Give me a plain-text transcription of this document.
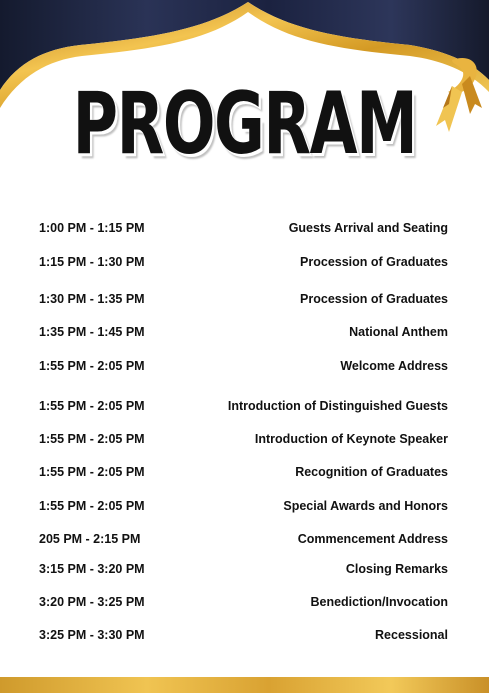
PROGRAM
1:00 PM - 1:15 PM	Guests Arrival and Seating
1:15 PM - 1:30 PM	Procession of Graduates
1:30 PM - 1:35 PM	Procession of Graduates
1:35 PM - 1:45 PM	National Anthem
1:55 PM - 2:05 PM	Welcome Address
1:55 PM - 2:05 PM	Introduction of Distinguished Guests
1:55 PM - 2:05 PM	Introduction of Keynote Speaker
1:55 PM - 2:05 PM	Recognition of Graduates
1:55 PM - 2:05 PM	Special Awards and Honors
205 PM - 2:15 PM	Commencement Address
3:15 PM - 3:20 PM	Closing Remarks
3:20 PM - 3:25 PM	Benediction/Invocation
3:25 PM - 3:30 PM	Recessional
